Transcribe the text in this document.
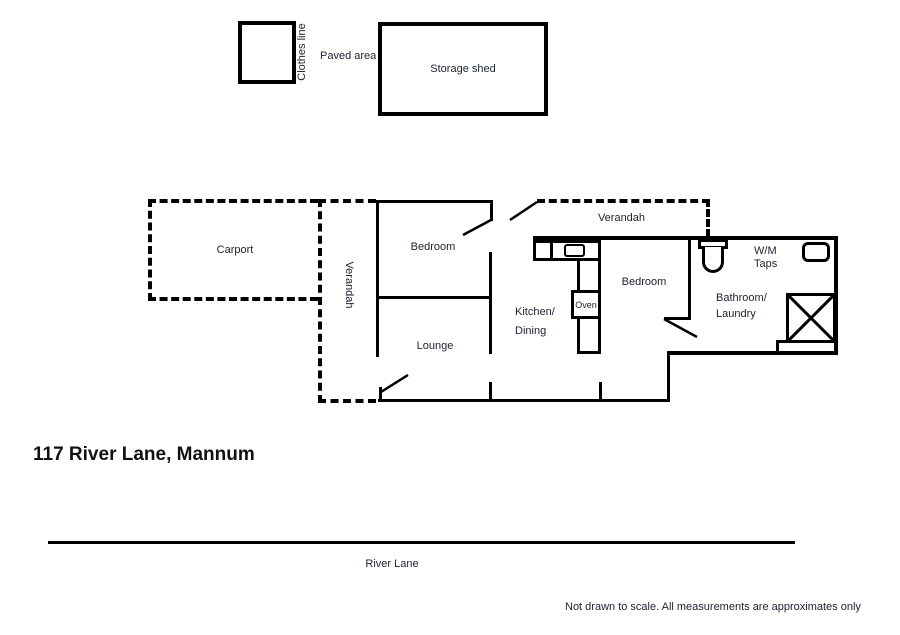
Clothes line Paved area
Storage shed
Carport
Verandah
Verandah
Oven
Bedroom
Lounge
Kitchen/
Dining
Bedroom
Bathroom/
Laundry
W/M
Taps
117 River Lane, Mannum
River Lane
Not drawn to scale. All measurements are approximates only
